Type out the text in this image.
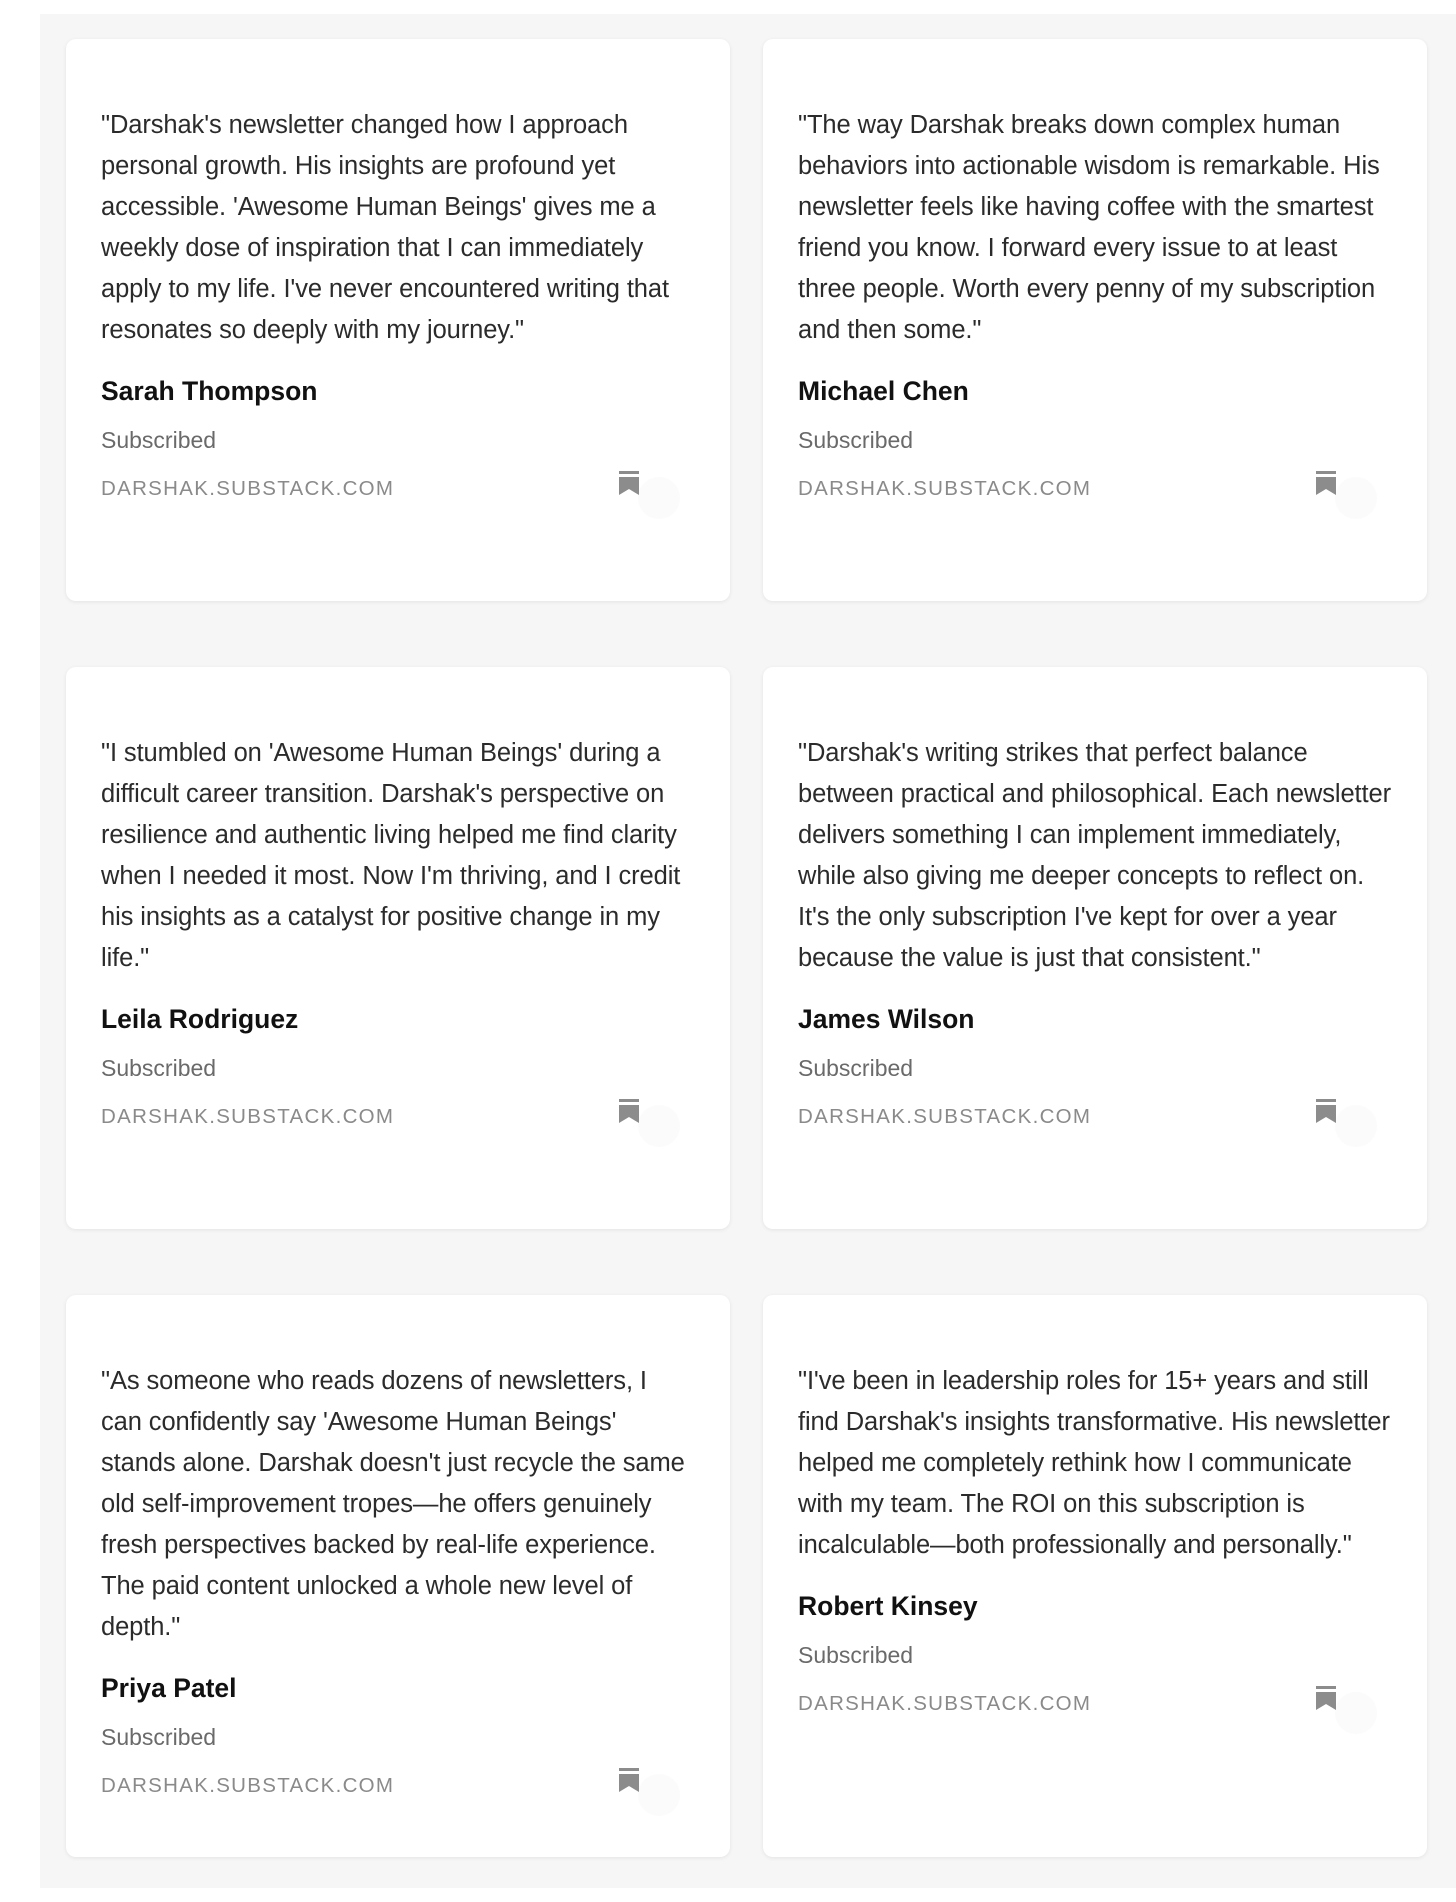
"Darshak's newsletter changed how I approach personal growth. His insights are profound yet accessible. 'Awesome Human Beings' gives me a weekly dose of inspiration that I can immediately apply to my life. I've never encountered writing that resonates so deeply with my journey."

Sarah Thompson
Subscribed
DARSHAK.SUBSTACK.COM

"The way Darshak breaks down complex human behaviors into actionable wisdom is remarkable. His newsletter feels like having coffee with the smartest friend you know. I forward every issue to at least three people. Worth every penny of my subscription and then some."

Michael Chen
Subscribed
DARSHAK.SUBSTACK.COM

"I stumbled on 'Awesome Human Beings' during a difficult career transition. Darshak's perspective on resilience and authentic living helped me find clarity when I needed it most. Now I'm thriving, and I credit his insights as a catalyst for positive change in my life."

Leila Rodriguez
Subscribed
DARSHAK.SUBSTACK.COM

"Darshak's writing strikes that perfect balance between practical and philosophical. Each newsletter delivers something I can implement immediately, while also giving me deeper concepts to reflect on. It's the only subscription I've kept for over a year because the value is just that consistent."

James Wilson
Subscribed
DARSHAK.SUBSTACK.COM

"As someone who reads dozens of newsletters, I can confidently say 'Awesome Human Beings' stands alone. Darshak doesn't just recycle the same old self-improvement tropes—he offers genuinely fresh perspectives backed by real-life experience. The paid content unlocked a whole new level of depth."

Priya Patel
Subscribed
DARSHAK.SUBSTACK.COM

"I've been in leadership roles for 15+ years and still find Darshak's insights transformative. His newsletter helped me completely rethink how I communicate with my team. The ROI on this subscription is incalculable—both professionally and personally."

Robert Kinsey
Subscribed
DARSHAK.SUBSTACK.COM
